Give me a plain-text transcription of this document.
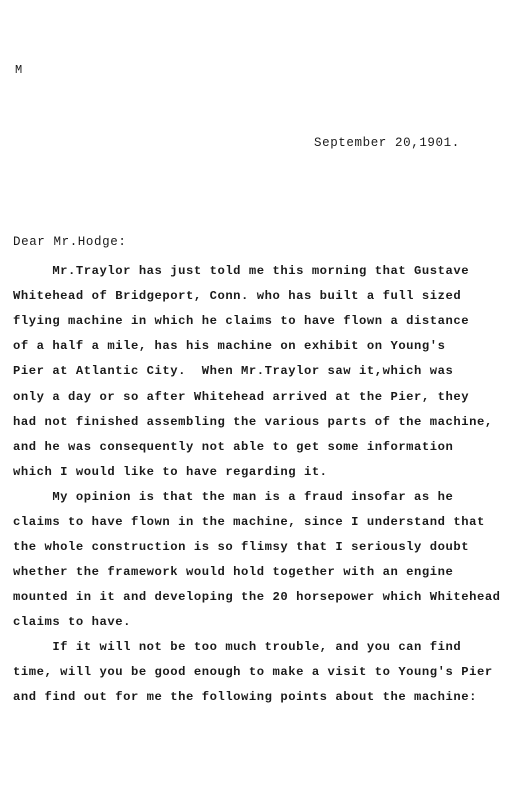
M
September 20,1901.
Dear Mr.Hodge:
Mr.Traylor has just told me this morning that Gustave
Whitehead of Bridgeport, Conn. who has built a full sized
flying machine in which he claims to have flown a distance
of a half a mile, has his machine on exhibit on Young's
Pier at Atlantic City.  When Mr.Traylor saw it,which was
only a day or so after Whitehead arrived at the Pier, they
had not finished assembling the various parts of the machine,
and he was consequently not able to get some information
which I would like to have regarding it.
My opinion is that the man is a fraud insofar as he
claims to have flown in the machine, since I understand that
the whole construction is so flimsy that I seriously doubt
whether the framework would hold together with an engine
mounted in it and developing the 20 horsepower which Whitehead
claims to have.
If it will not be too much trouble, and you can find
time, will you be good enough to make a visit to Young's Pier
and find out for me the following points about the machine:
